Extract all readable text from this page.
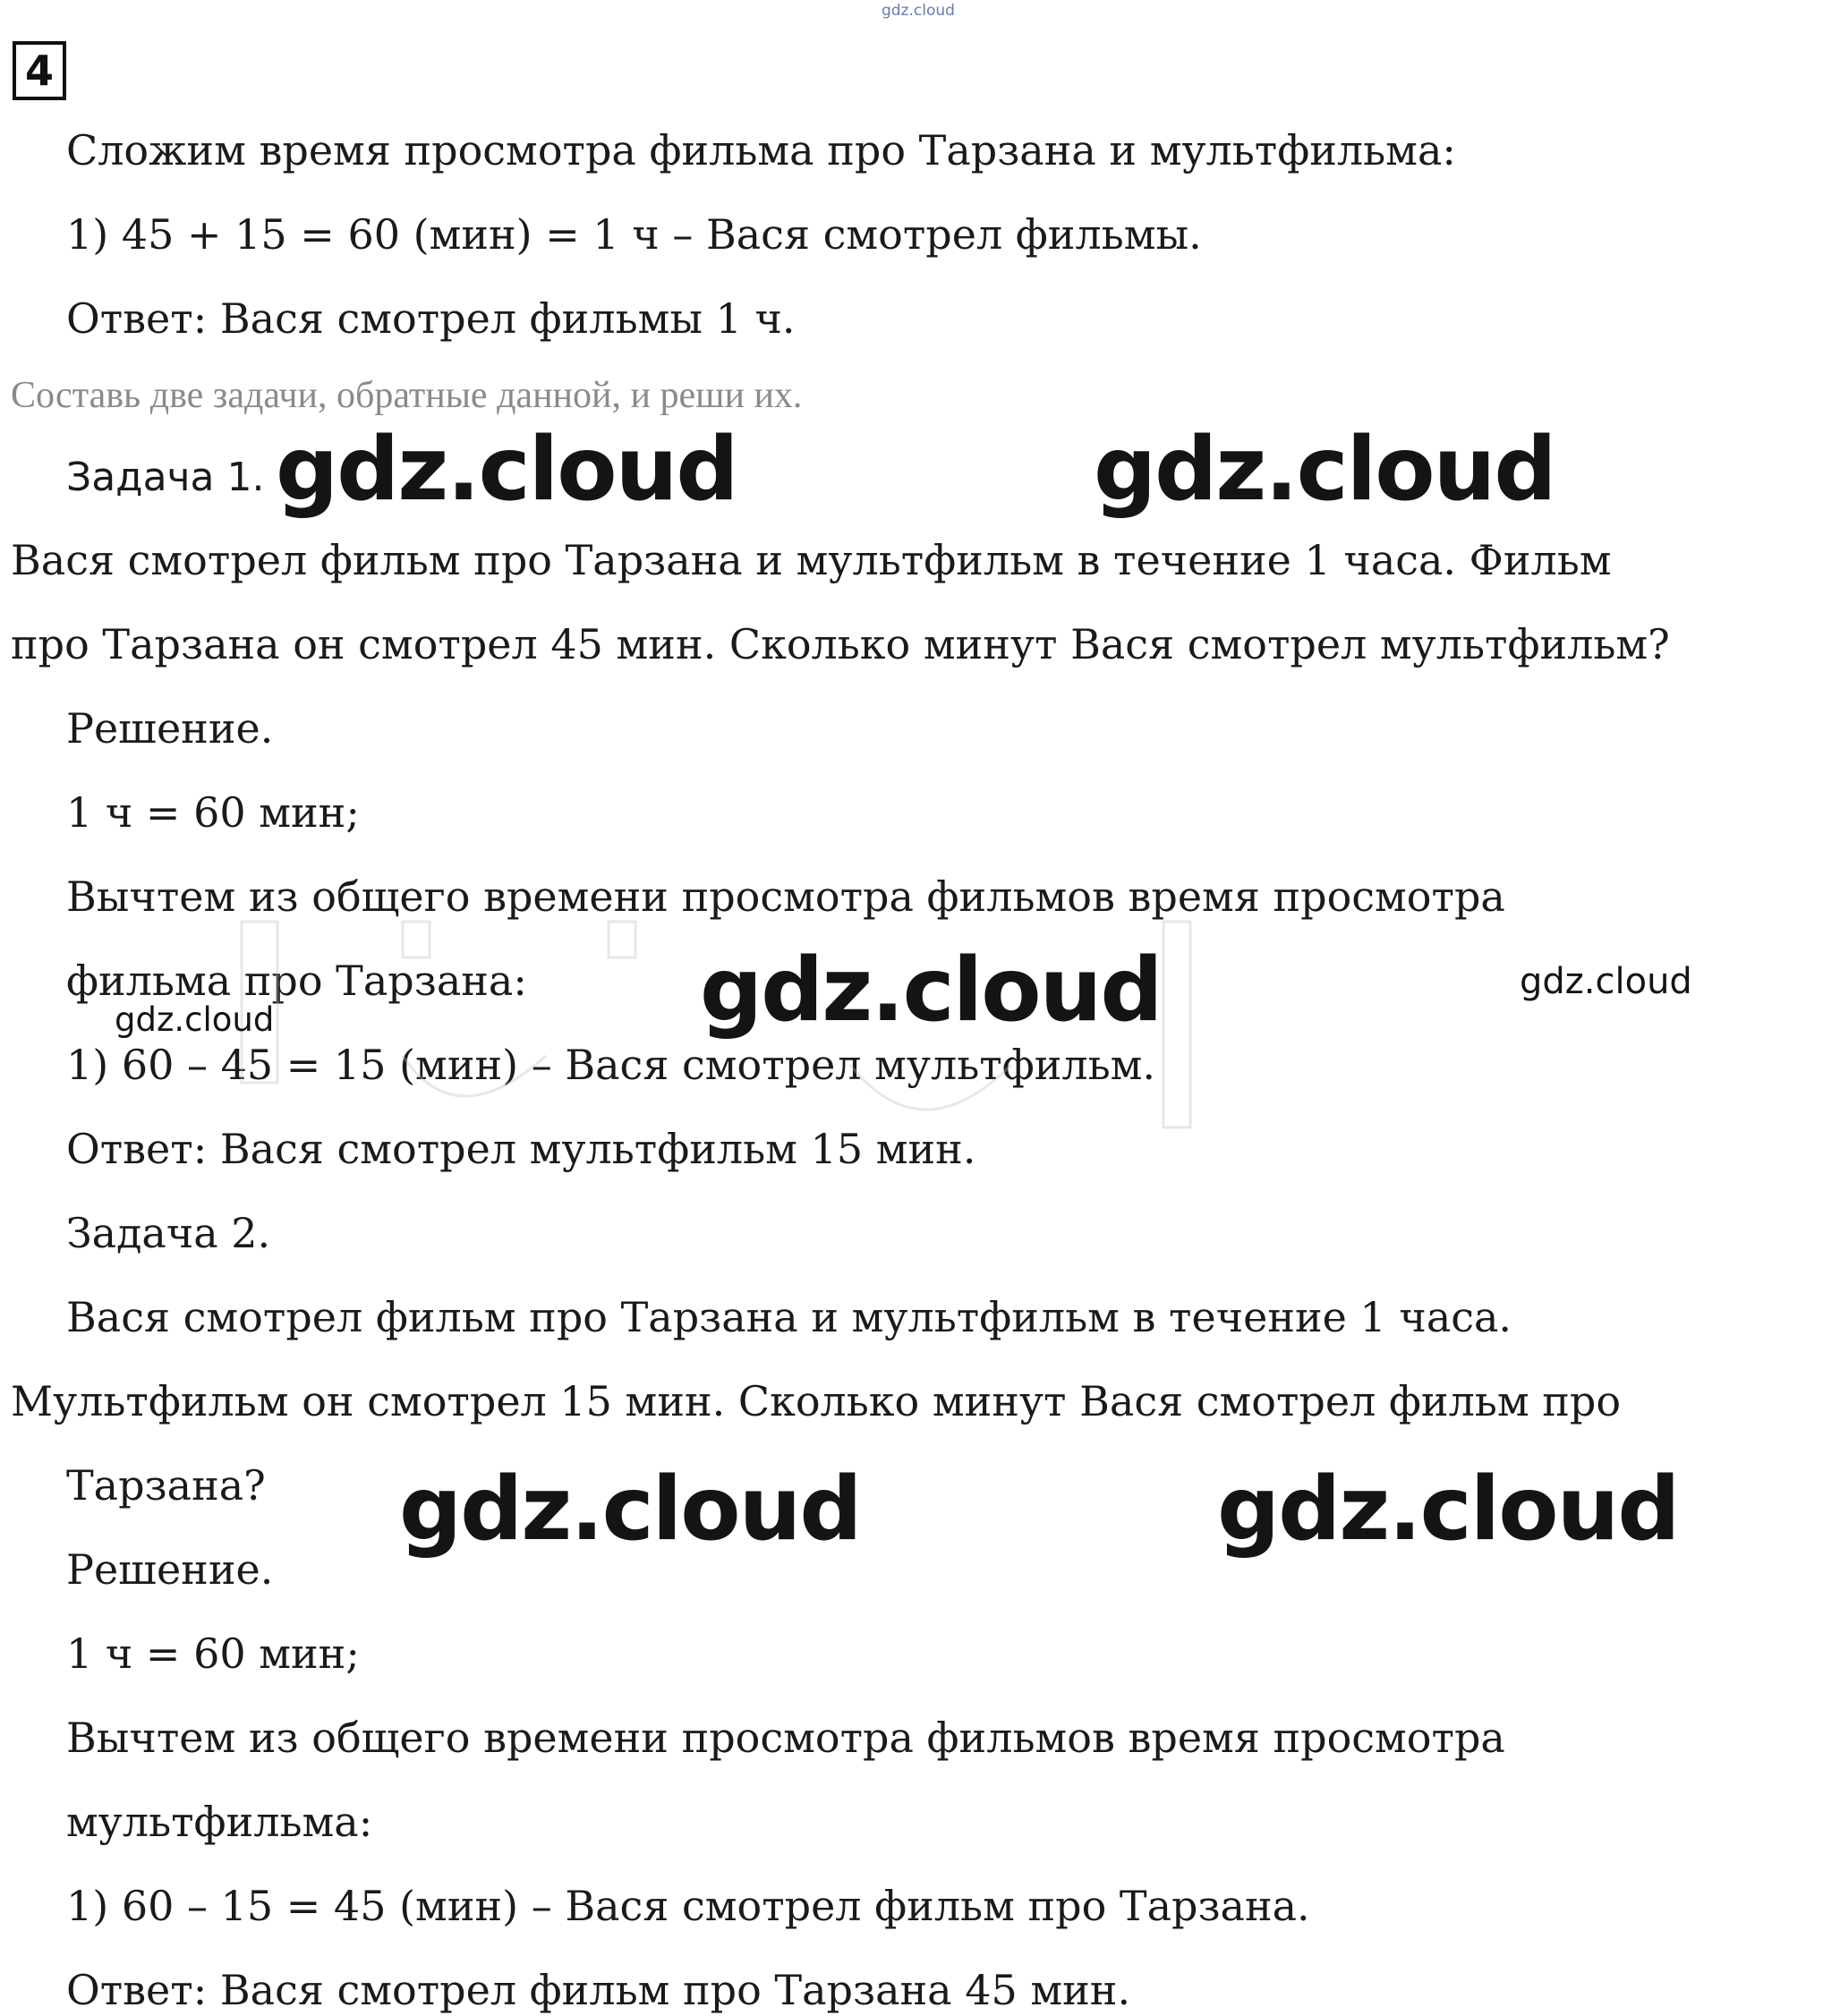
gdz.cloud
4
Сложим время просмотра фильма про Тарзана и мультфильма:
1) 45 + 15 = 60 (мин) = 1 ч – Вася смотрел фильмы.
Ответ: Вася смотрел фильмы 1 ч.
Составь две задачи, обратные данной, и реши их.
Задача 1.
Вася смотрел фильм про Тарзана и мультфильм в течение 1 часа. Фильм
про Тарзана он смотрел 45 мин. Сколько минут Вася смотрел мультфильм?
Решение.
1 ч = 60 мин;
Вычтем из общего времени просмотра фильмов время просмотра
фильма про Тарзана:
1) 60 – 45 = 15 (мин) – Вася смотрел мультфильм.
Ответ: Вася смотрел мультфильм 15 мин.
Задача 2.
Вася смотрел фильм про Тарзана и мультфильм в течение 1 часа.
Мультфильм он смотрел 15 мин. Сколько минут Вася смотрел фильм про
Тарзана?
Решение.
1 ч = 60 мин;
Вычтем из общего времени просмотра фильмов время просмотра
мультфильма:
1) 60 – 15 = 45 (мин) – Вася смотрел фильм про Тарзана.
Ответ: Вася смотрел фильм про Тарзана 45 мин.
gdz.cloud	gdz.cloud
gdz.cloud	gdz.cloud
gdz.cloud
gdz.cloud	gdz.cloud
